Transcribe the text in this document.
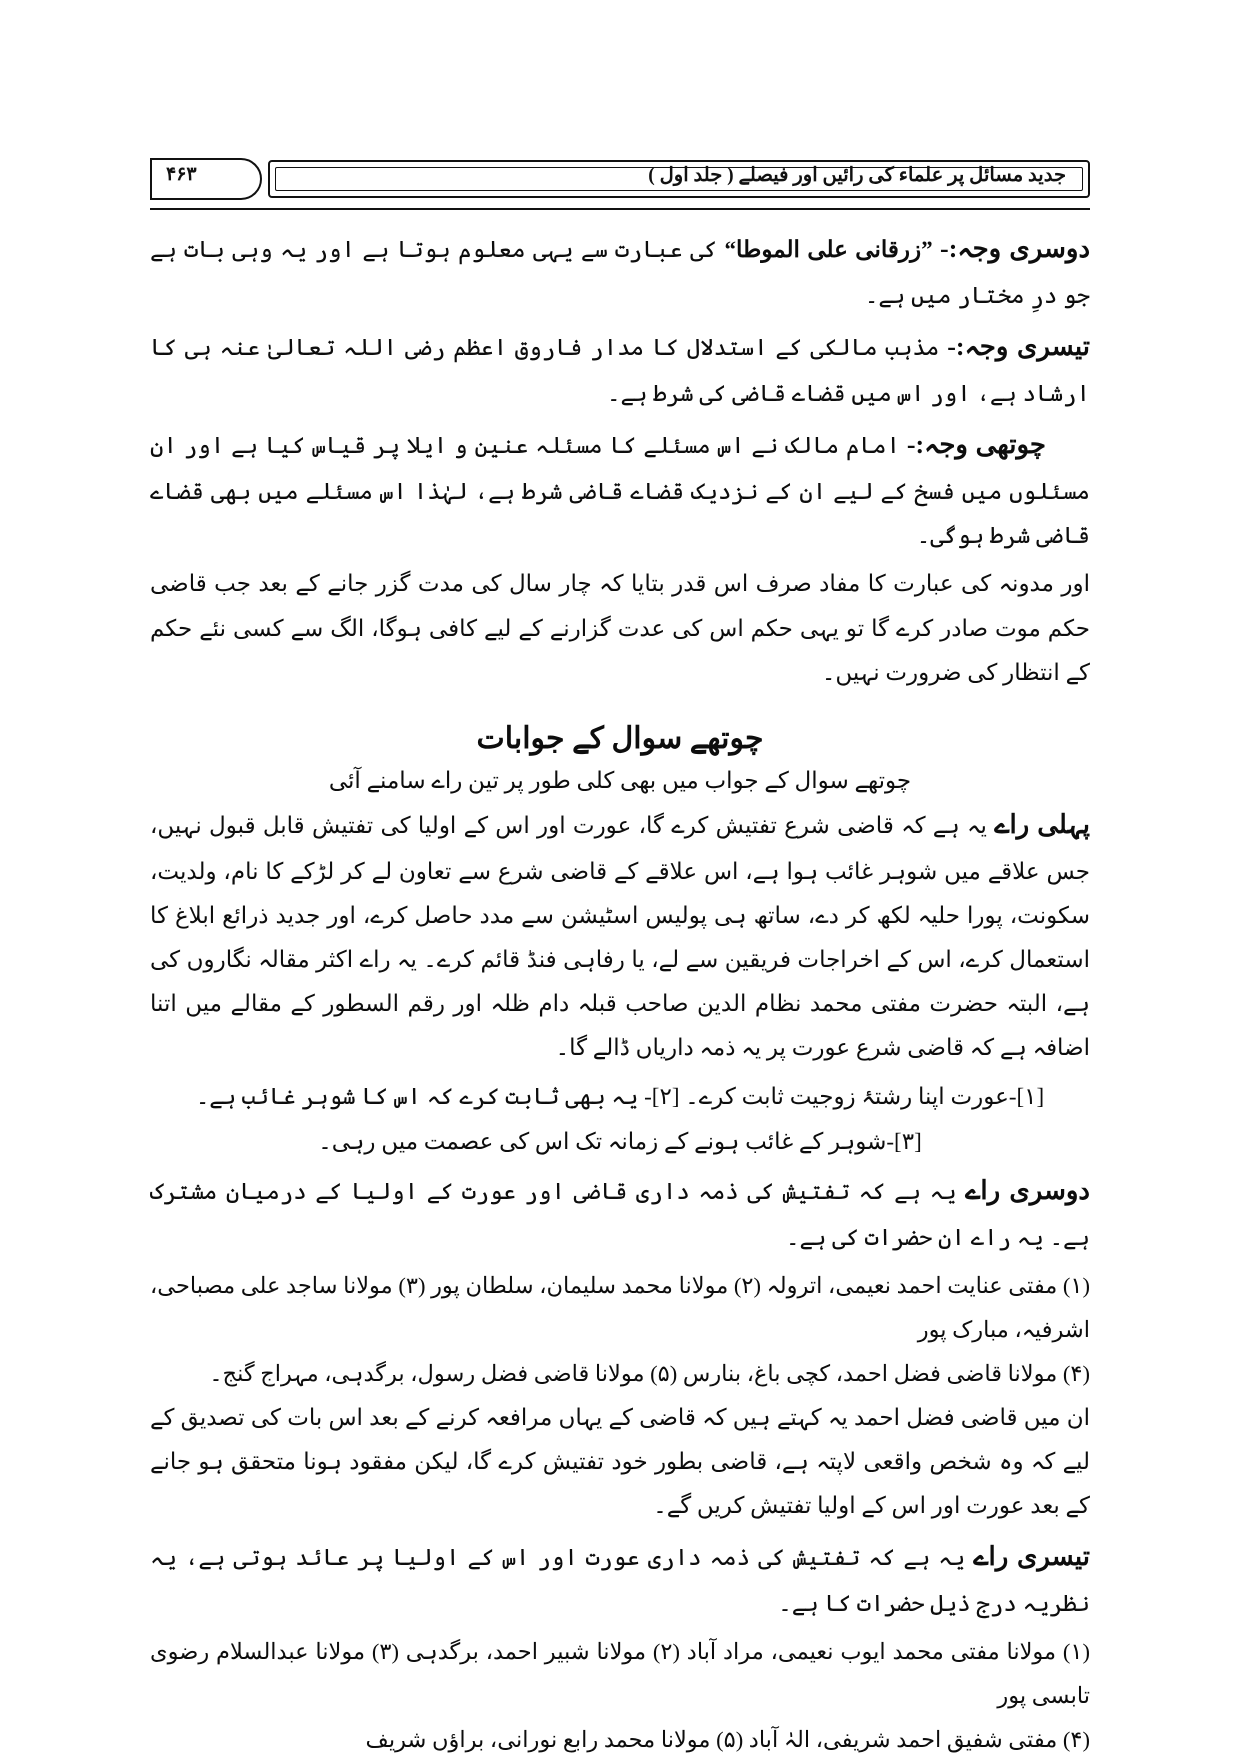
جدید مسائل پر علماء کی رائیں اور فیصلے ( جلد اول )
۴۶۳

دوسری وجہ:- ”زرقانی علی الموطا“ کی عبارت سے یہی معلوم ہوتا ہے اور یہ وہی بات ہے جو درِ مختار میں ہے۔

تیسری وجہ:- مذہب مالکی کے استدلال کا مدار فاروق اعظم رضی اللہ تعالیٰ عنہ ہی کا ارشاد ہے، اور اس میں قضاے قاضی کی شرط ہے۔

چوتھی وجہ:- امام مالک نے اس مسئلے کا مسئلہ عنین و ایلا پر قیاس کیا ہے اور ان مسئلوں میں فسخ کے لیے ان کے نزدیک قضاے قاضی شرط ہے، لہٰذا اس مسئلے میں بھی قضاے قاضی شرط ہوگی۔

اور مدونہ کی عبارت کا مفاد صرف اس قدر بتایا کہ چار سال کی مدت گزر جانے کے بعد جب قاضی حکم موت صادر کرے گا تو یہی حکم اس کی عدت گزارنے کے لیے کافی ہوگا، الگ سے کسی نئے حکم کے انتظار کی ضرورت نہیں۔

چوتھے سوال کے جوابات

چوتھے سوال کے جواب میں بھی کلی طور پر تین راے سامنے آئی

پہلی راے یہ ہے کہ قاضی شرع تفتیش کرے گا، عورت اور اس کے اولیا کی تفتیش قابل قبول نہیں، جس علاقے میں شوہر غائب ہوا ہے، اس علاقے کے قاضی شرع سے تعاون لے کر لڑکے کا نام، ولدیت، سکونت، پورا حلیہ لکھ کر دے، ساتھ ہی پولیس اسٹیشن سے مدد حاصل کرے، اور جدید ذرائع ابلاغ کا استعمال کرے، اس کے اخراجات فریقین سے لے، یا رفاہی فنڈ قائم کرے۔ یہ راے اکثر مقالہ نگاروں کی ہے، البتہ حضرت مفتی محمد نظام الدین صاحب قبلہ دام ظلہ اور رقم السطور کے مقالے میں اتنا اضافہ ہے کہ قاضی شرع عورت پر یہ ذمہ داریاں ڈالے گا۔

[۱]-عورت اپنا رشتۂ زوجیت ثابت کرے۔ [۲]- یہ بھی ثابت کرے کہ اس کا شوہر غائب ہے۔

[۳]-شوہر کے غائب ہونے کے زمانہ تک اس کی عصمت میں رہی۔

دوسری راے یہ ہے کہ تفتیش کی ذمہ داری قاضی اور عورت کے اولیا کے درمیان مشترک ہے۔ یہ راے ان حضرات کی ہے۔

(۱) مفتی عنایت احمد نعیمی، اترولہ (۲) مولانا محمد سلیمان، سلطان پور (۳) مولانا ساجد علی مصباحی، اشرفیہ، مبارک پور

(۴) مولانا قاضی فضل احمد، کچی باغ، بنارس (۵) مولانا قاضی فضل رسول، برگدہی، مہراج گنج۔

ان میں قاضی فضل احمد یہ کہتے ہیں کہ قاضی کے یہاں مرافعہ کرنے کے بعد اس بات کی تصدیق کے لیے کہ وہ شخص واقعی لاپتہ ہے، قاضی بطور خود تفتیش کرے گا، لیکن مفقود ہونا متحقق ہو جانے کے بعد عورت اور اس کے اولیا تفتیش کریں گے۔

تیسری راے یہ ہے کہ تفتیش کی ذمہ داری عورت اور اس کے اولیا پر عائد ہوتی ہے، یہ نظریہ درج ذیل حضرات کا ہے۔

(۱) مولانا مفتی محمد ایوب نعیمی، مراد آباد (۲) مولانا شبیر احمد، برگدہی (۳) مولانا عبدالسلام رضوی تابسی پور

(۴) مفتی شفیق احمد شریفی، الہٰ آباد (۵) مولانا محمد رابع نورانی، براؤں شریف
